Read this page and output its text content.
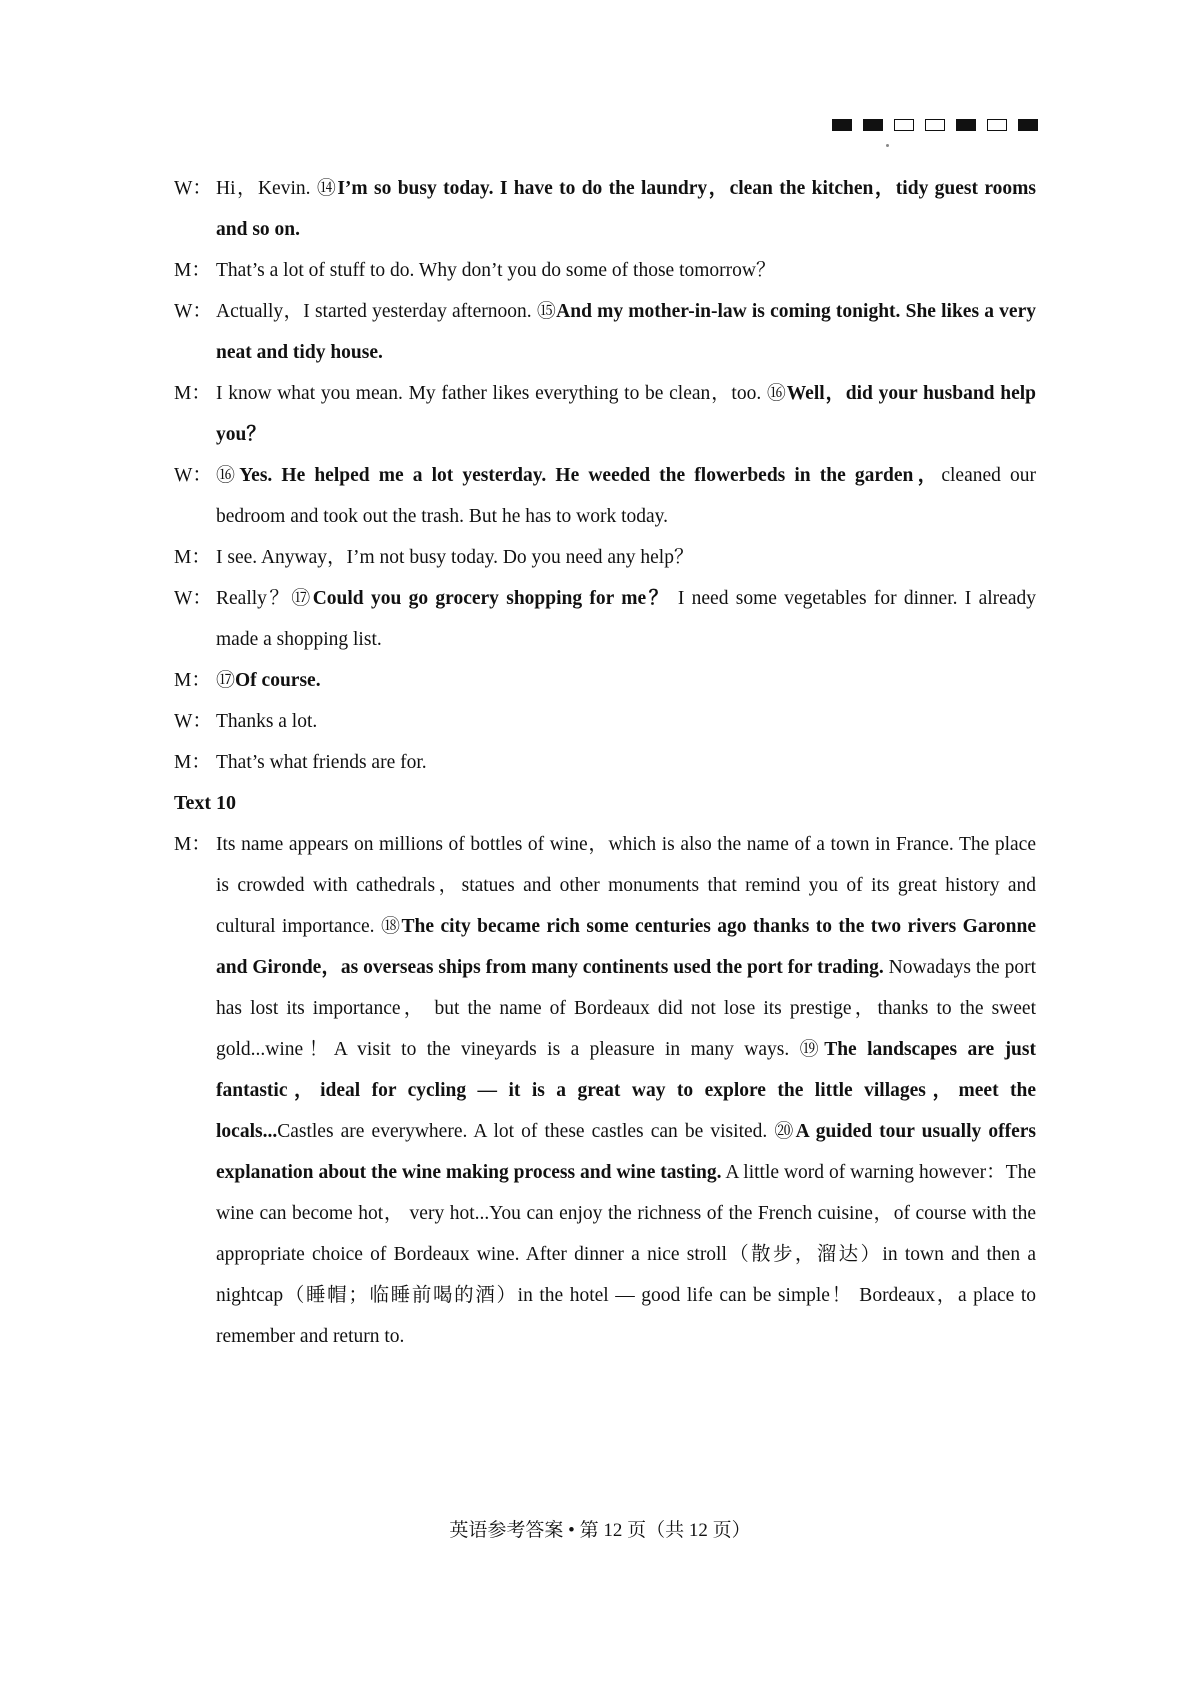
W： Hi，Kevin. ⑭I’m so busy today. I have to do the laundry，clean the kitchen，tidy guest rooms and so on.
M： That’s a lot of stuff to do. Why don’t you do some of those tomorrow？
W： Actually，I started yesterday afternoon. ⑮And my mother-in-law is coming tonight. She likes a very neat and tidy house.
M： I know what you mean. My father likes everything to be clean，too. ⑯Well，did your husband help you？
W： ⑯Yes. He helped me a lot yesterday. He weeded the flowerbeds in the garden，cleaned our bedroom and took out the trash. But he has to work today.
M： I see. Anyway，I’m not busy today. Do you need any help？
W： Really？⑰Could you go grocery shopping for me？ I need some vegetables for dinner. I already made a shopping list.
M： ⑰Of course.
W： Thanks a lot.
M： That’s what friends are for.
Text 10
M： Its name appears on millions of bottles of wine，which is also the name of a town in France. The place is crowded with cathedrals，statues and other monuments that remind you of its great history and cultural importance. ⑱The city became rich some centuries ago thanks to the two rivers Garonne and Gironde，as overseas ships from many continents used the port for trading. Nowadays the port has lost its importance， but the name of Bordeaux did not lose its prestige，thanks to the sweet gold...wine！A visit to the vineyards is a pleasure in many ways. ⑲The landscapes are just fantastic，ideal for cycling — it is a great way to explore the little villages，meet the locals...Castles are everywhere. A lot of these castles can be visited. ⑳A guided tour usually offers explanation about the wine making process and wine tasting. A little word of warning however：The wine can become hot， very hot...You can enjoy the richness of the French cuisine，of course with the appropriate choice of Bordeaux wine. After dinner a nice stroll（散步，溜达）in town and then a nightcap（睡帽；临睡前喝的酒）in the hotel — good life can be simple！ Bordeaux，a place to remember and return to.
英语参考答案 • 第 12 页（共 12 页）
